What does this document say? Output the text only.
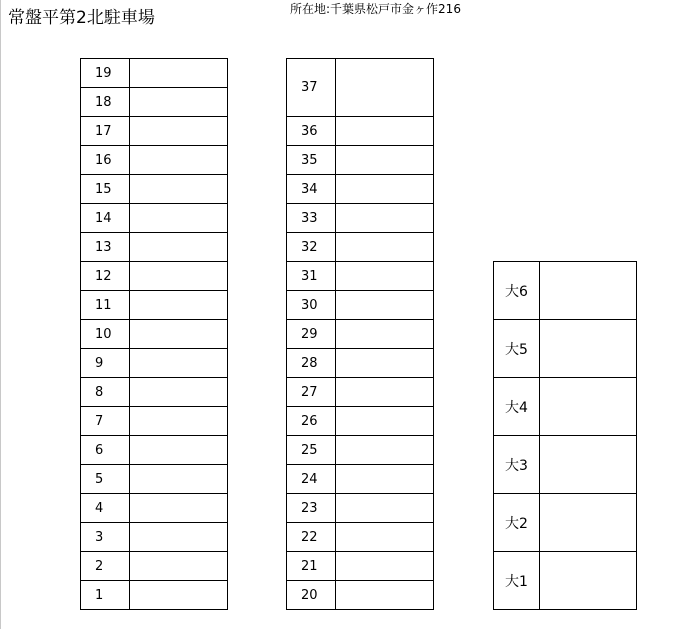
常盤平第2北駐車場	所在地:千葉県松戸市金ヶ作216
19	
18	
17	
16	
15	
14	
13	
12	
11	
10	
9	
8	
7	
6	
5	
4	
3	
2	
1	
37	
36	
35	
34	
33	
32	
31	
30	
29	
28	
27	
26	
25	
24	
23	
22	
21	
20	
大6	
大5	
大4	
大3	
大2	
大1	
